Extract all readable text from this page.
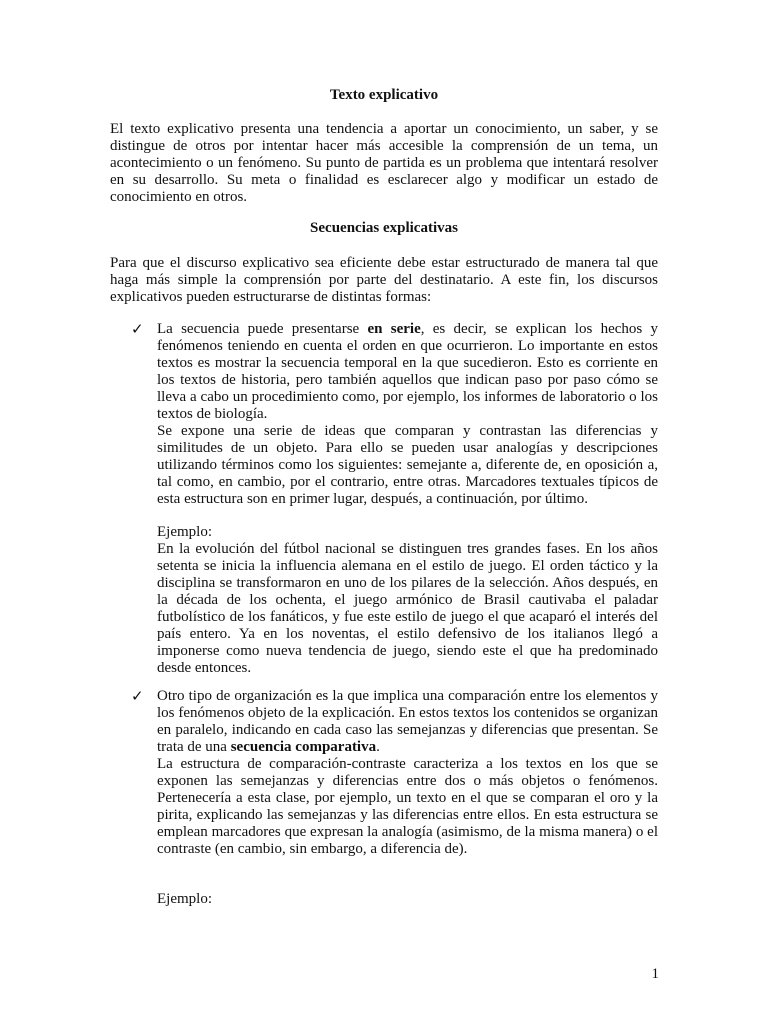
Texto explicativo

El texto explicativo presenta una tendencia a aportar un conocimiento, un saber, y se distingue de otros por intentar hacer más accesible la comprensión de un tema, un acontecimiento o un fenómeno. Su punto de partida es un problema que intentará resolver en su desarrollo. Su meta o finalidad es esclarecer algo y modificar un estado de conocimiento en otros.

Secuencias explicativas

Para que el discurso explicativo sea eficiente debe estar estructurado de manera tal que haga más simple la comprensión por parte del destinatario. A este fin, los discursos explicativos pueden estructurarse de distintas formas:

✓ La secuencia puede presentarse en serie, es decir, se explican los hechos y fenómenos teniendo en cuenta el orden en que ocurrieron. Lo importante en estos textos es mostrar la secuencia temporal en la que sucedieron. Esto es corriente en los textos de historia, pero también aquellos que indican paso por paso cómo se lleva a cabo un procedimiento como, por ejemplo, los informes de laboratorio o los textos de biología.

Se expone una serie de ideas que comparan y contrastan las diferencias y similitudes de un objeto. Para ello se pueden usar analogías y descripciones utilizando términos como los siguientes: semejante a, diferente de, en oposición a, tal como, en cambio, por el contrario, entre otras. Marcadores textuales típicos de esta estructura son en primer lugar, después, a continuación, por último.

Ejemplo:

En la evolución del fútbol nacional se distinguen tres grandes fases. En los años setenta se inicia la influencia alemana en el estilo de juego. El orden táctico y la disciplina se transformaron en uno de los pilares de la selección. Años después, en la década de los ochenta, el juego armónico de Brasil cautivaba el paladar futbolístico de los fanáticos, y fue este estilo de juego el que acaparó el interés del país entero. Ya en los noventas, el estilo defensivo de los italianos llegó a imponerse como nueva tendencia de juego, siendo este el que ha predominado desde entonces.

✓ Otro tipo de organización es la que implica una comparación entre los elementos y los fenómenos objeto de la explicación. En estos textos los contenidos se organizan en paralelo, indicando en cada caso las semejanzas y diferencias que presentan. Se trata de una secuencia comparativa.

La estructura de comparación-contraste caracteriza a los textos en los que se exponen las semejanzas y diferencias entre dos o más objetos o fenómenos. Pertenecería a esta clase, por ejemplo, un texto en el que se comparan el oro y la pirita, explicando las semejanzas y las diferencias entre ellos. En esta estructura se emplean marcadores que expresan la analogía (asimismo, de la misma manera) o el contraste (en cambio, sin embargo, a diferencia de).

Ejemplo:

1
